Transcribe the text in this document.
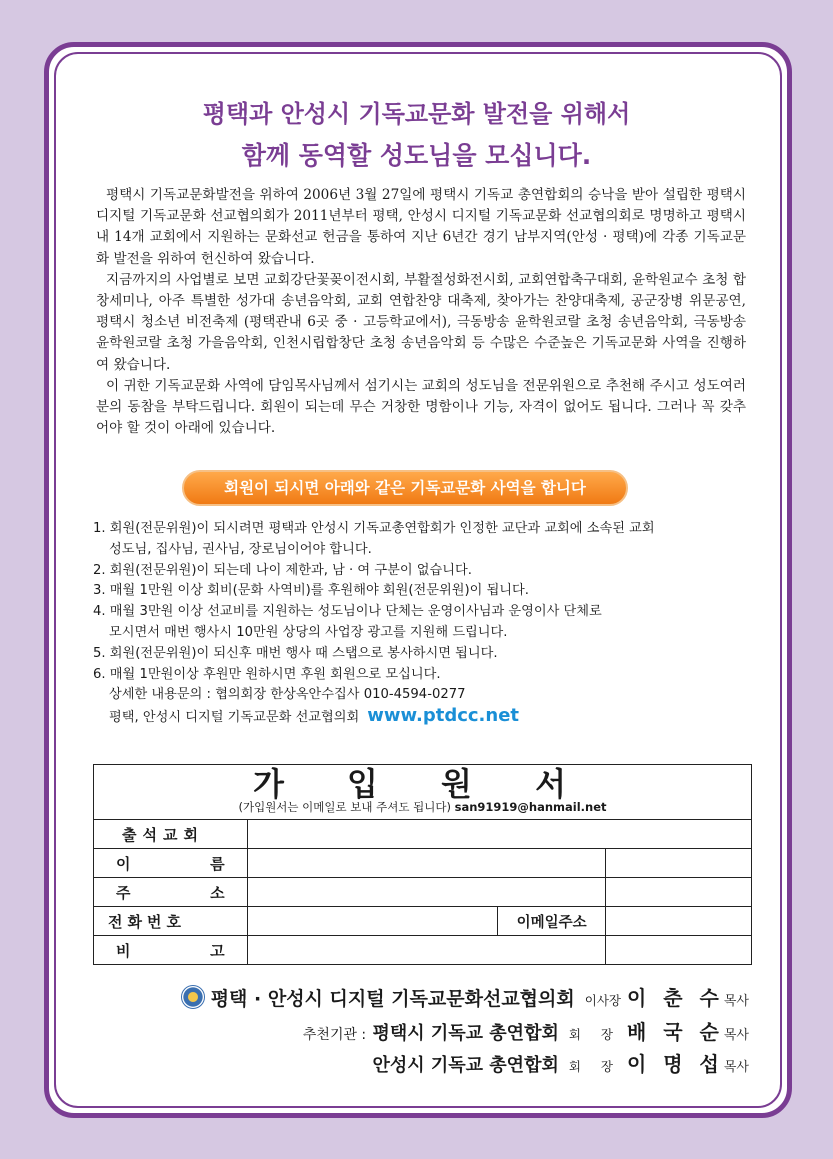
평택과 안성시 기독교문화 발전을 위해서
함께 동역할 성도님을 모십니다.

평택시 기독교문화발전을 위하여 2006년 3월 27일에 평택시 기독교 총연합회의 승낙을 받아 설립한 평택시 디지털 기독교문화 선교협의회가 2011년부터 평택, 안성시 디지털 기독교문화 선교협의회로 명명하고 평택시내 14개 교회에서 지원하는 문화선교 헌금을 통하여 지난 6년간 경기 남부지역(안성 · 평택)에 각종 기독교문화 발전을 위하여 헌신하여 왔습니다.

지금까지의 사업별로 보면 교회강단꽃꽂이전시회, 부활절성화전시회, 교회연합축구대회, 윤학원교수 초청 합창세미나, 아주 특별한 성가대 송년음악회, 교회 연합찬양 대축제, 찾아가는 찬양대축제, 공군장병 위문공연, 평택시 청소년 비전축제 (평택관내 6곳 중 · 고등학교에서), 극동방송 윤학원코랄 초청 송년음악회, 극동방송 윤학원코랄 초청 가을음악회, 인천시립합창단 초청 송년음악회 등 수많은 수준높은 기독교문화 사역을 진행하여 왔습니다.

이 귀한 기독교문화 사역에 담임목사님께서 섬기시는 교회의 성도님을 전문위원으로 추천해 주시고 성도여러분의 동참을 부탁드립니다. 회원이 되는데 무슨 거창한 명함이나 기능, 자격이 없어도 됩니다. 그러나 꼭 갖추어야 할 것이 아래에 있습니다.

회원이 되시면 아래와 같은 기독교문화 사역을 합니다
1. 회원(전문위원)이 되시려면 평택과 안성시 기독교총연합회가 인정한 교단과 교회에 소속된 교회
성도님, 집사님, 권사님, 장로님이어야 합니다.
2. 회원(전문위원)이 되는데 나이 제한과, 남 · 여 구분이 없습니다.
3. 매월 1만원 이상 회비(문화 사역비)를 후원해야 회원(전문위원)이 됩니다.
4. 매월 3만원 이상 선교비를 지원하는 성도님이나 단체는 운영이사님과 운영이사 단체로
모시면서 매번 행사시 10만원 상당의 사업장 광고를 지원해 드립니다.
5. 회원(전문위원)이 되신후 매번 행사 때 스탭으로 봉사하시면 됩니다.
6. 매월 1만원이상 후원만 원하시면 후원 회원으로 모십니다.
상세한 내용문의 : 협의회장 한상옥안수집사 010-4594-0277
평택, 안성시 디지털 기독교문화 선교협의회 www.ptdcc.net
가 입 원 서
(가입원서는 이메일로 보내 주셔도 됩니다) san91919@hanmail.net
출석교회			

이 름			

주 소			

전화번호		이메일주소	

비 고			

평택 · 안성시 디지털 기독교문화선교협의회 이사장 이 춘 수목사
추천기관 : 평택시 기독교 총연합회 회 장 배 국 순목사
안성시 기독교 총연합회 회 장 이 명 섭목사
